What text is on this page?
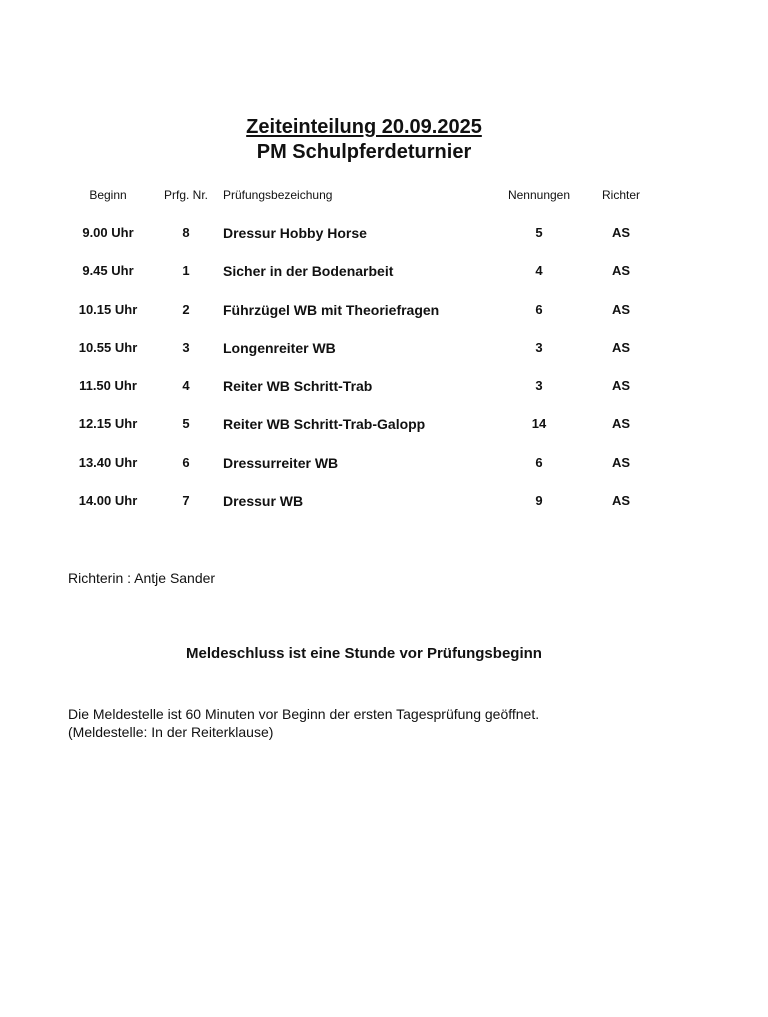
Zeiteinteilung 20.09.2025
PM Schulpferdeturnier
Beginn	Prfg. Nr.	Prüfungsbezeichung	Nennungen	Richter
9.00 Uhr	8	Dressur Hobby Horse	5	AS
9.45 Uhr	1	Sicher in der Bodenarbeit	4	AS
10.15 Uhr	2	Führzügel WB mit Theoriefragen	6	AS
10.55 Uhr	3	Longenreiter WB	3	AS
11.50 Uhr	4	Reiter WB Schritt-Trab	3	AS
12.15 Uhr	5	Reiter WB Schritt-Trab-Galopp	14	AS
13.40 Uhr	6	Dressurreiter WB	6	AS
14.00 Uhr	7	Dressur WB	9	AS
Richterin : Antje Sander
Meldeschluss ist eine Stunde vor Prüfungsbeginn
Die Meldestelle ist 60 Minuten vor Beginn der ersten Tagesprüfung geöffnet.
(Meldestelle: In der Reiterklause)
